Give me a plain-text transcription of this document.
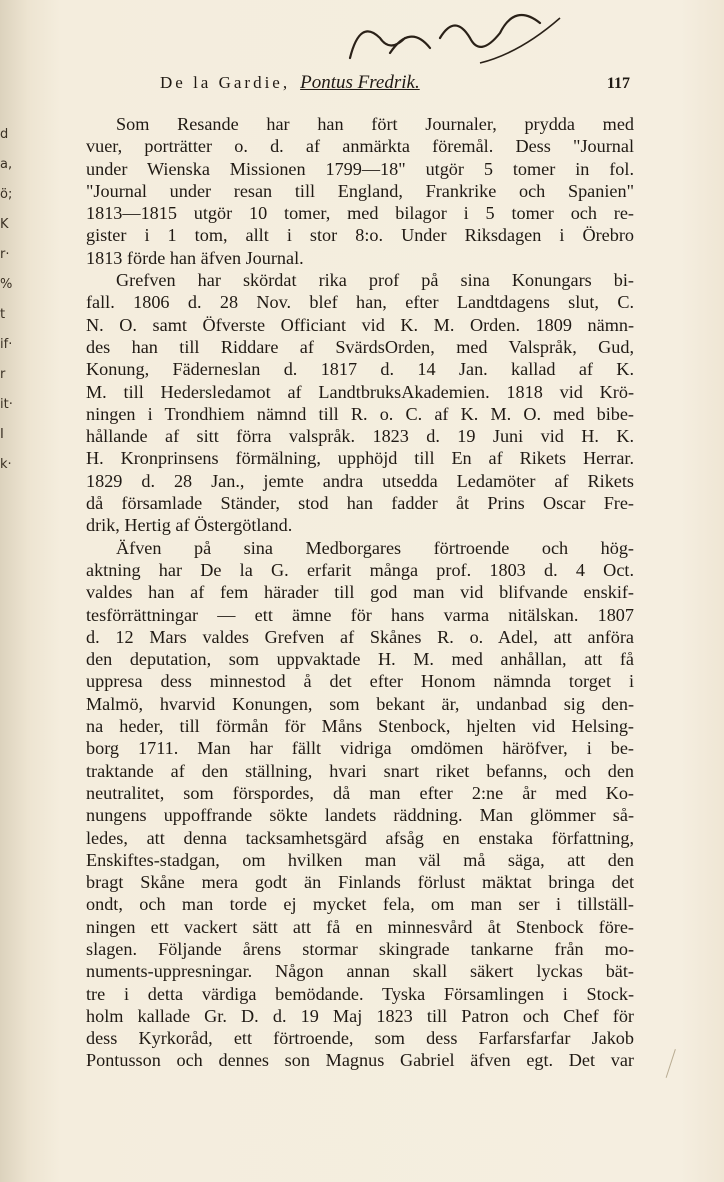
d
a,
ö;
K
r·
%
t
if·
r
it·
I
k·
De la Gardie, Pontus Fredrik.	117
Som Resande har han fört Journaler, prydda med
vuer, porträtter o. d. af anmärkta föremål. Dess "Journal
under Wienska Missionen 1799—18" utgör 5 tomer in fol.
"Journal under resan till England, Frankrike och Spanien"
1813—1815 utgör 10 tomer, med bilagor i 5 tomer och re-
gister i 1 tom, allt i stor 8:o. Under Riksdagen i Örebro
1813 förde han äfven Journal.
Grefven har skördat rika prof på sina Konungars bi-
fall. 1806 d. 28 Nov. blef han, efter Landtdagens slut, C.
N. O. samt Öfverste Officiant vid K. M. Orden. 1809 nämn-
des han till Riddare af SvärdsOrden, med Valspråk, Gud,
Konung, Fäderneslan d. 1817 d. 14 Jan. kallad af K.
M. till Hedersledamot af LandtbruksAkademien. 1818 vid Krö-
ningen i Trondhiem nämnd till R. o. C. af K. M. O. med bibe-
hållande af sitt förra valspråk. 1823 d. 19 Juni vid H. K.
H. Kronprinsens förmälning, upphöjd till En af Rikets Herrar.
1829 d. 28 Jan., jemte andra utsedda Ledamöter af Rikets
då församlade Ständer, stod han fadder åt Prins Oscar Fre-
drik, Hertig af Östergötland.
Äfven på sina Medborgares förtroende och hög-
aktning har De la G. erfarit många prof. 1803 d. 4 Oct.
valdes han af fem härader till god man vid blifvande enskif-
tesförrättningar — ett ämne för hans varma nitälskan. 1807
d. 12 Mars valdes Grefven af Skånes R. o. Adel, att anföra
den deputation, som uppvaktade H. M. med anhållan, att få
uppresa dess minnestod å det efter Honom nämnda torget i
Malmö, hvarvid Konungen, som bekant är, undanbad sig den-
na heder, till förmån för Måns Stenbock, hjelten vid Helsing-
borg 1711. Man har fällt vidriga omdömen häröfver, i be-
traktande af den ställning, hvari snart riket befanns, och den
neutralitet, som förspordes, då man efter 2:ne år med Ko-
nungens uppoffrande sökte landets räddning. Man glömmer så-
ledes, att denna tacksamhetsgärd afsåg en enstaka författning,
Enskiftes-stadgan, om hvilken man väl må säga, att den
bragt Skåne mera godt än Finlands förlust mäktat bringa det
ondt, och man torde ej mycket fela, om man ser i tillställ-
ningen ett vackert sätt att få en minnesvård åt Stenbock före-
slagen. Följande årens stormar skingrade tankarne från mo-
numents-uppresningar. Någon annan skall säkert lyckas bät-
tre i detta värdiga bemödande. Tyska Församlingen i Stock-
holm kallade Gr. D. d. 19 Maj 1823 till Patron och Chef för
dess Kyrkoråd, ett förtroende, som dess Farfarsfarfar Jakob
Pontusson och dennes son Magnus Gabriel äfven egt. Det var
